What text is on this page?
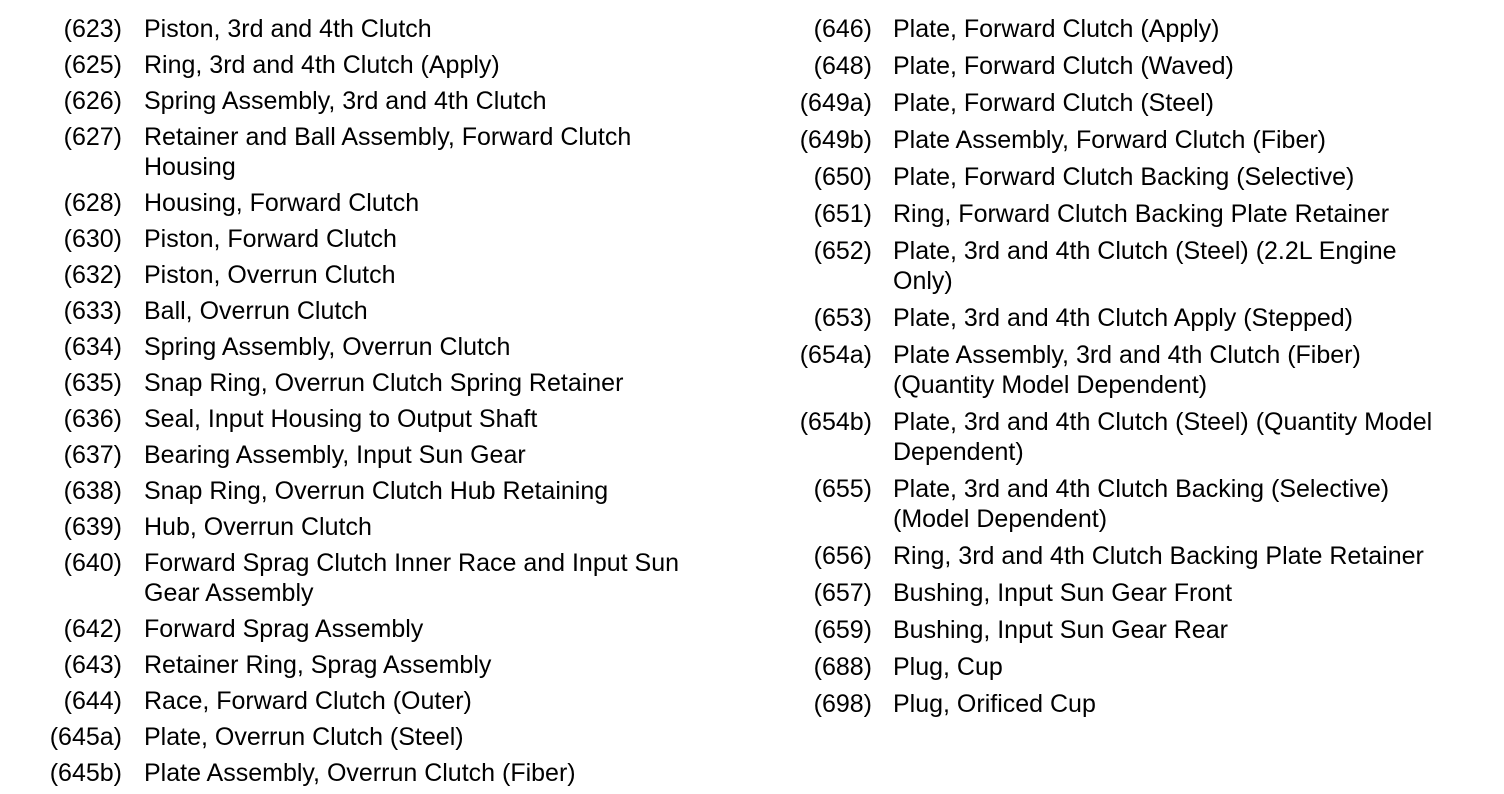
(623) Piston, 3rd and 4th Clutch
(625) Ring, 3rd and 4th Clutch (Apply)
(626) Spring Assembly, 3rd and 4th Clutch
(627) Retainer and Ball Assembly, Forward Clutch Housing
(628) Housing, Forward Clutch
(630) Piston, Forward Clutch
(632) Piston, Overrun Clutch
(633) Ball, Overrun Clutch
(634) Spring Assembly, Overrun Clutch
(635) Snap Ring, Overrun Clutch Spring Retainer
(636) Seal, Input Housing to Output Shaft
(637) Bearing Assembly, Input Sun Gear
(638) Snap Ring, Overrun Clutch Hub Retaining
(639) Hub, Overrun Clutch
(640) Forward Sprag Clutch Inner Race and Input Sun Gear Assembly
(642) Forward Sprag Assembly
(643) Retainer Ring, Sprag Assembly
(644) Race, Forward Clutch (Outer)
(645a) Plate, Overrun Clutch (Steel)
(645b) Plate Assembly, Overrun Clutch (Fiber)
(646) Plate, Forward Clutch (Apply)
(648) Plate, Forward Clutch (Waved)
(649a) Plate, Forward Clutch (Steel)
(649b) Plate Assembly, Forward Clutch (Fiber)
(650) Plate, Forward Clutch Backing (Selective)
(651) Ring, Forward Clutch Backing Plate Retainer
(652) Plate, 3rd and 4th Clutch (Steel) (2.2L Engine Only)
(653) Plate, 3rd and 4th Clutch Apply (Stepped)
(654a) Plate Assembly, 3rd and 4th Clutch (Fiber) (Quantity Model Dependent)
(654b) Plate, 3rd and 4th Clutch (Steel) (Quantity Model Dependent)
(655) Plate, 3rd and 4th Clutch Backing (Selective) (Model Dependent)
(656) Ring, 3rd and 4th Clutch Backing Plate Retainer
(657) Bushing, Input Sun Gear Front
(659) Bushing, Input Sun Gear Rear
(688) Plug, Cup
(698) Plug, Orificed Cup
